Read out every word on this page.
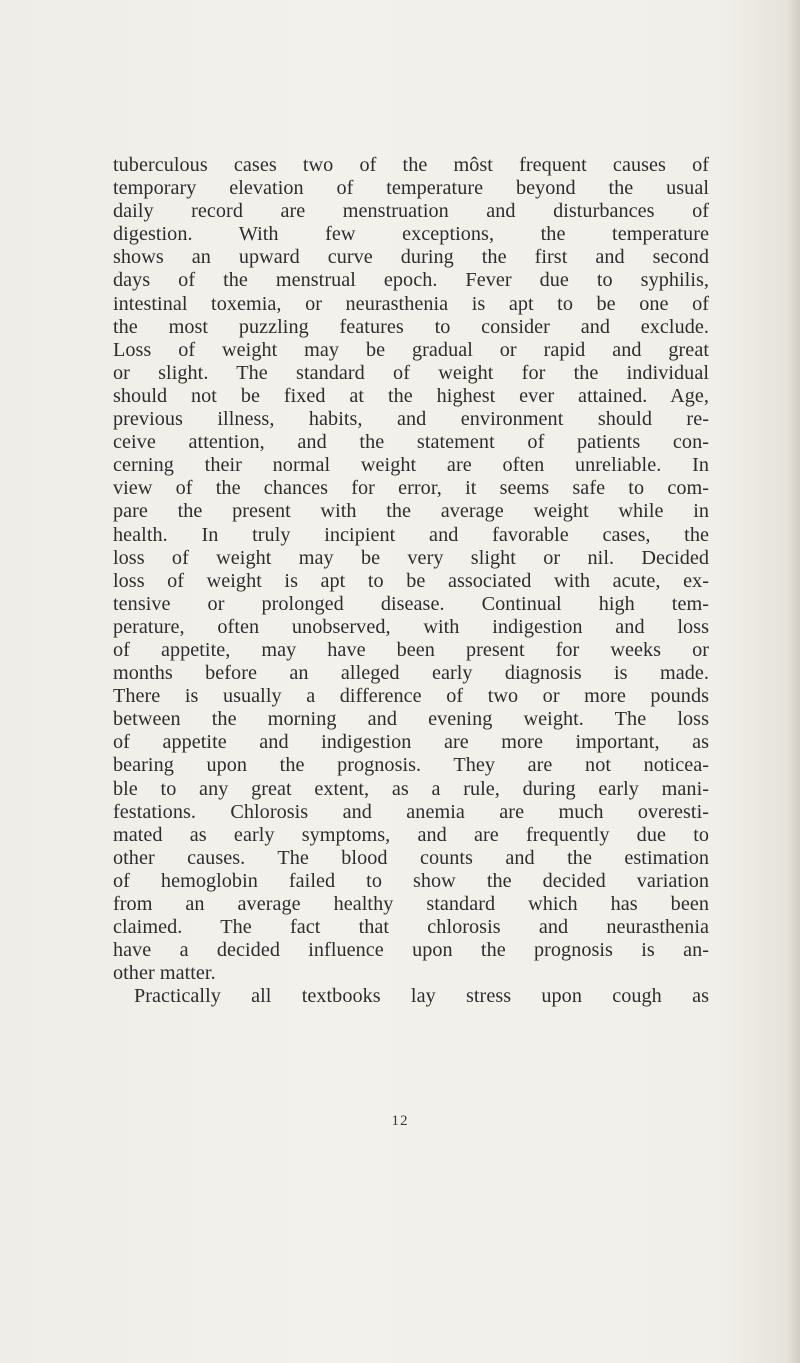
tuberculous cases two of the môst frequent causes of
temporary elevation of temperature beyond the usual
daily record are menstruation and disturbances of
digestion. With few exceptions, the temperature
shows an upward curve during the first and second
days of the menstrual epoch. Fever due to syphilis,
intestinal toxemia, or neurasthenia is apt to be one of
the most puzzling features to consider and exclude.
Loss of weight may be gradual or rapid and great
or slight. The standard of weight for the individual
should not be fixed at the highest ever attained. Age,
previous illness, habits, and environment should re-
ceive attention, and the statement of patients con-
cerning their normal weight are often unreliable. In
view of the chances for error, it seems safe to com-
pare the present with the average weight while in
health. In truly incipient and favorable cases, the
loss of weight may be very slight or nil. Decided
loss of weight is apt to be associated with acute, ex-
tensive or prolonged disease. Continual high tem-
perature, often unobserved, with indigestion and loss
of appetite, may have been present for weeks or
months before an alleged early diagnosis is made.
There is usually a difference of two or more pounds
between the morning and evening weight. The loss
of appetite and indigestion are more important, as
bearing upon the prognosis. They are not noticea-
ble to any great extent, as a rule, during early mani-
festations. Chlorosis and anemia are much overesti-
mated as early symptoms, and are frequently due to
other causes. The blood counts and the estimation
of hemoglobin failed to show the decided variation
from an average healthy standard which has been
claimed. The fact that chlorosis and neurasthenia
have a decided influence upon the prognosis is an-
other matter.
Practically all textbooks lay stress upon cough as
12
